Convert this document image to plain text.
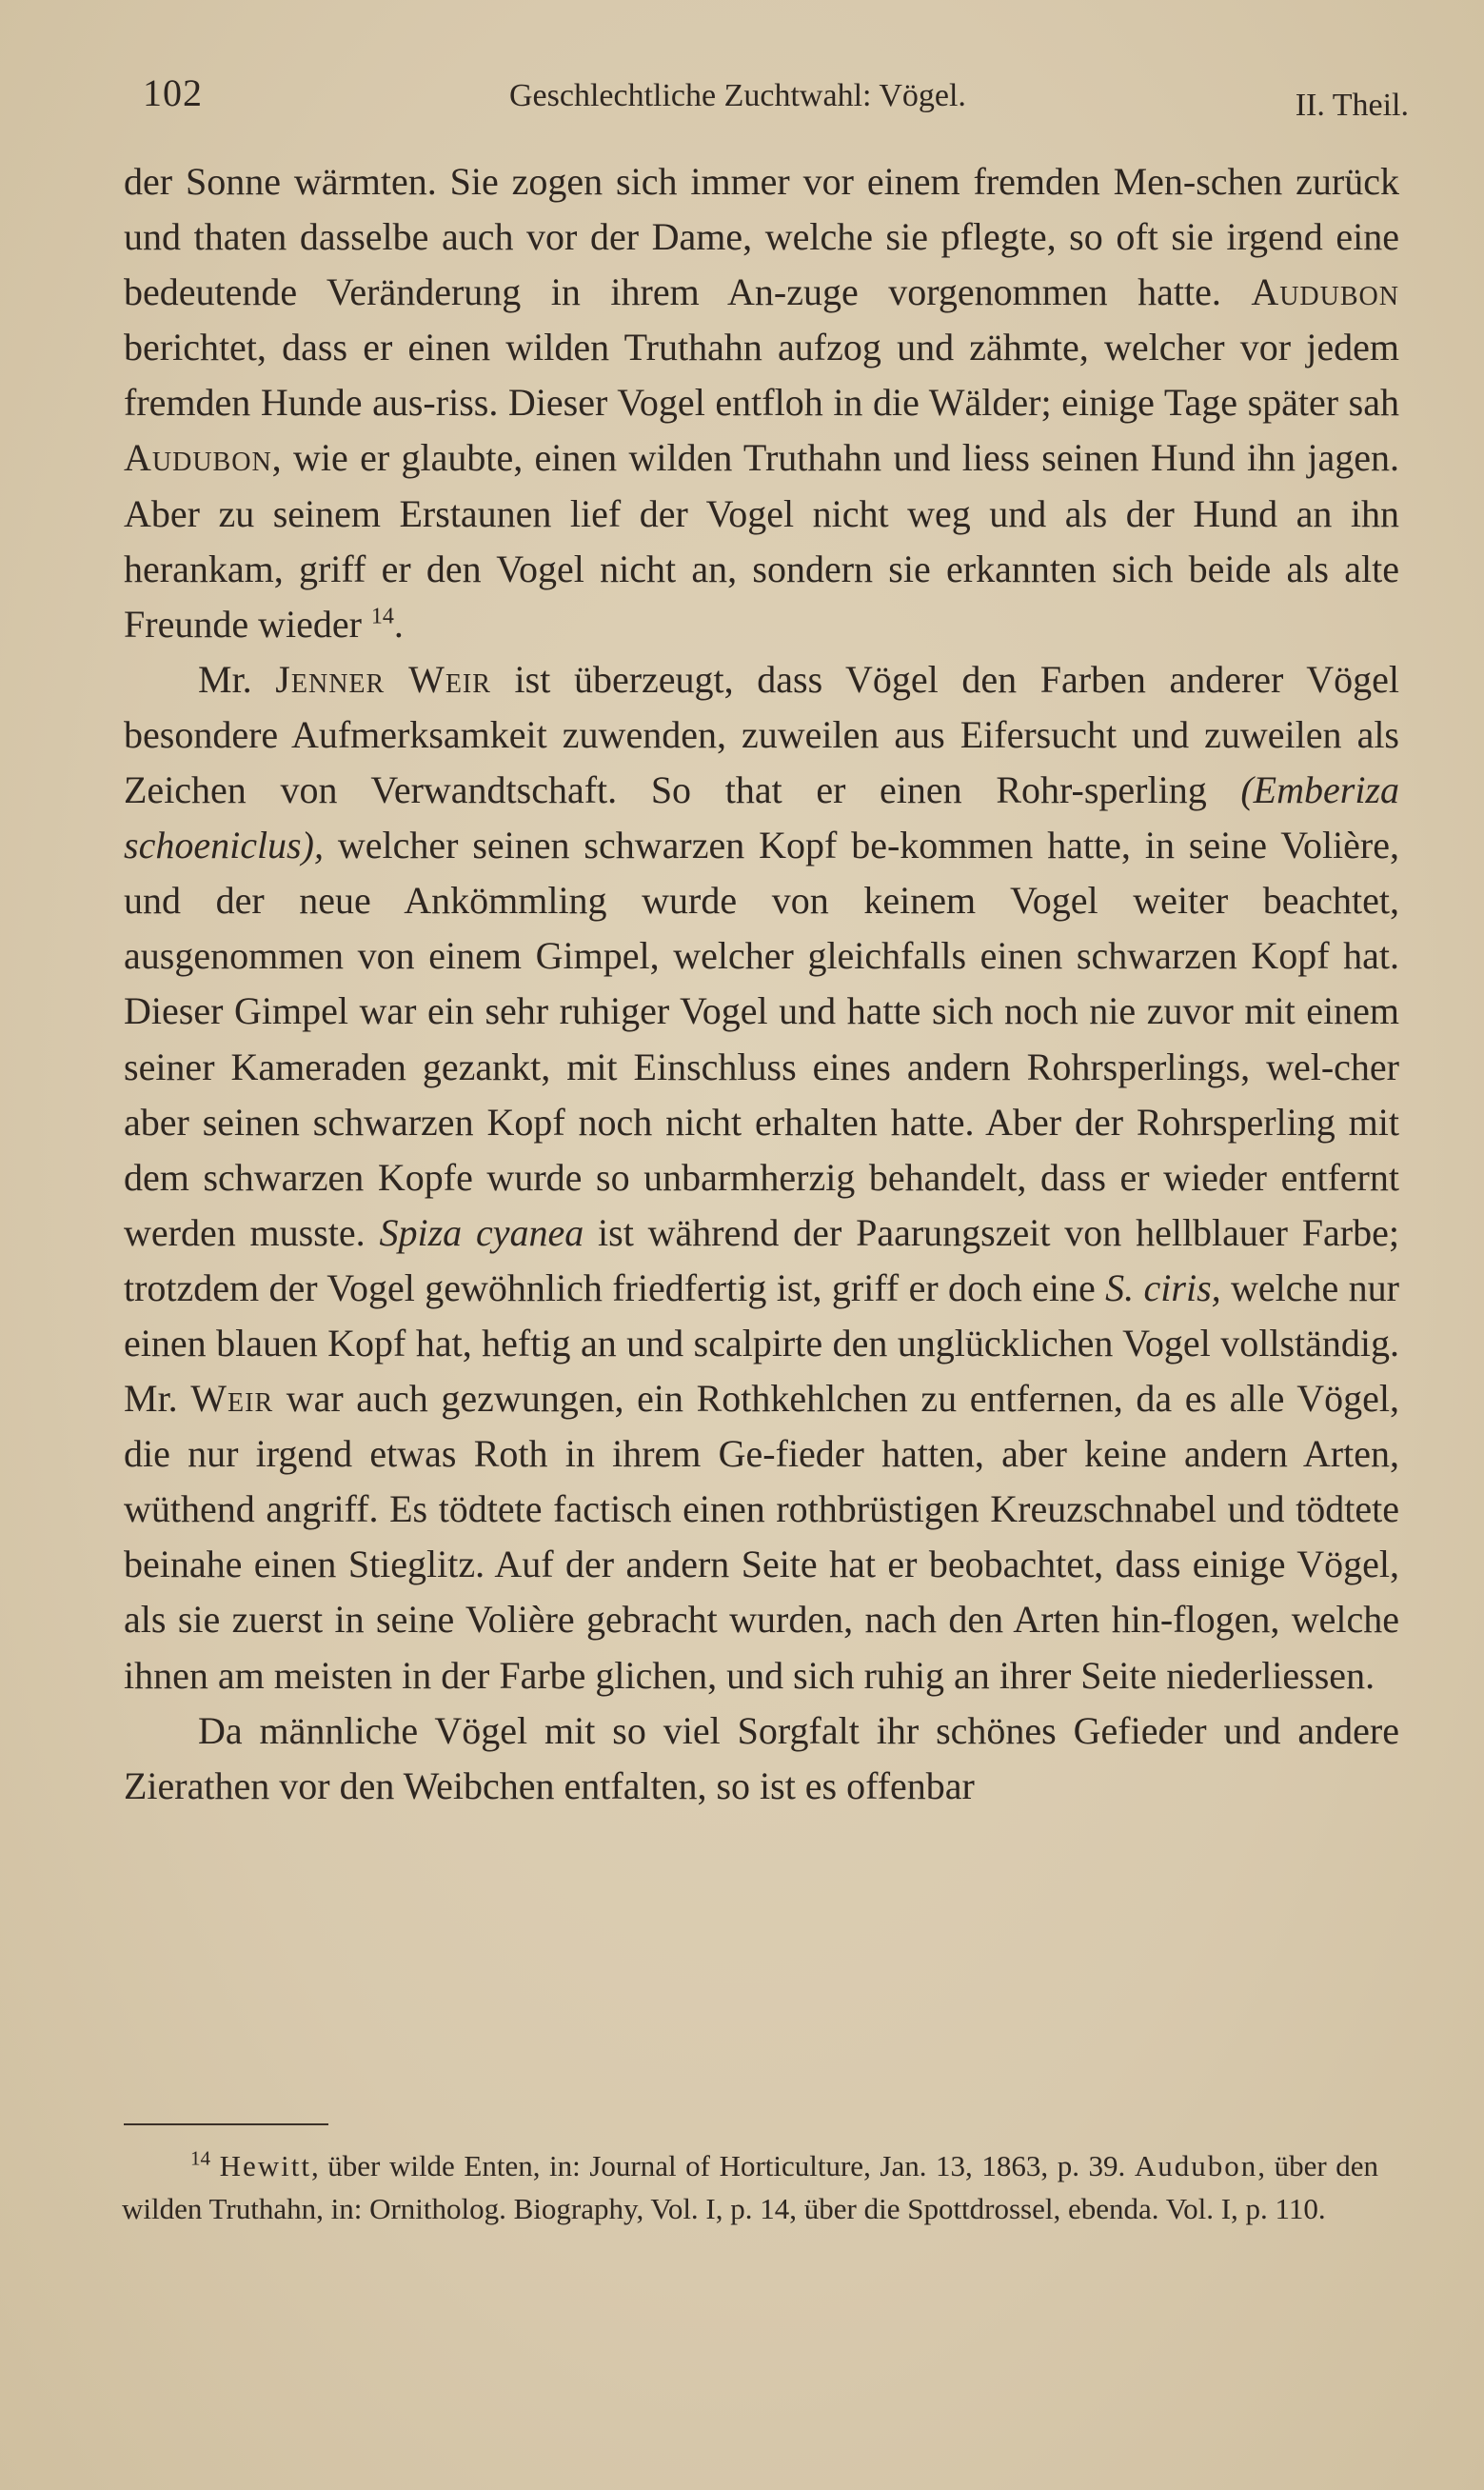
102	Geschlechtliche Zuchtwahl: Vögel.	II. Theil.

der Sonne wärmten. Sie zogen sich immer vor einem fremden Men-schen zurück und thaten dasselbe auch vor der Dame, welche sie pflegte, so oft sie irgend eine bedeutende Veränderung in ihrem An-zuge vorgenommen hatte. Audubon berichtet, dass er einen wilden Truthahn aufzog und zähmte, welcher vor jedem fremden Hunde aus-riss. Dieser Vogel entfloh in die Wälder; einige Tage später sah Audubon, wie er glaubte, einen wilden Truthahn und liess seinen Hund ihn jagen. Aber zu seinem Erstaunen lief der Vogel nicht weg und als der Hund an ihn herankam, griff er den Vogel nicht an, sondern sie erkannten sich beide als alte Freunde wieder $^{14}$.

Mr. Jenner Weir ist überzeugt, dass Vögel den Farben anderer Vögel besondere Aufmerksamkeit zuwenden, zuweilen aus Eifersucht und zuweilen als Zeichen von Verwandtschaft. So that er einen Rohr-sperling (Emberiza schoeniclus), welcher seinen schwarzen Kopf be-kommen hatte, in seine Volière, und der neue Ankömmling wurde von keinem Vogel weiter beachtet, ausgenommen von einem Gimpel, welcher gleichfalls einen schwarzen Kopf hat. Dieser Gimpel war ein sehr ruhiger Vogel und hatte sich noch nie zuvor mit einem seiner Kameraden gezankt, mit Einschluss eines andern Rohrsperlings, wel-cher aber seinen schwarzen Kopf noch nicht erhalten hatte. Aber der Rohrsperling mit dem schwarzen Kopfe wurde so unbarmherzig behandelt, dass er wieder entfernt werden musste. Spiza cyanea ist während der Paarungszeit von hellblauer Farbe; trotzdem der Vogel gewöhnlich friedfertig ist, griff er doch eine S. ciris, welche nur einen blauen Kopf hat, heftig an und scalpirte den unglücklichen Vogel vollständig. Mr. Weir war auch gezwungen, ein Rothkehlchen zu entfernen, da es alle Vögel, die nur irgend etwas Roth in ihrem Ge-fieder hatten, aber keine andern Arten, wüthend angriff. Es tödtete factisch einen rothbrüstigen Kreuzschnabel und tödtete beinahe einen Stieglitz. Auf der andern Seite hat er beobachtet, dass einige Vögel, als sie zuerst in seine Volière gebracht wurden, nach den Arten hin-flogen, welche ihnen am meisten in der Farbe glichen, und sich ruhig an ihrer Seite niederliessen.

Da männliche Vögel mit so viel Sorgfalt ihr schönes Gefieder und andere Zierathen vor den Weibchen entfalten, so ist es offenbar

$^{14}$ Hewitt, über wilde Enten, in: Journal of Horticulture, Jan. 13, 1863, p. 39. Audubon, über den wilden Truthahn, in: Ornitholog. Biography, Vol. I, p. 14, über die Spottdrossel, ebenda. Vol. I, p. 110.
